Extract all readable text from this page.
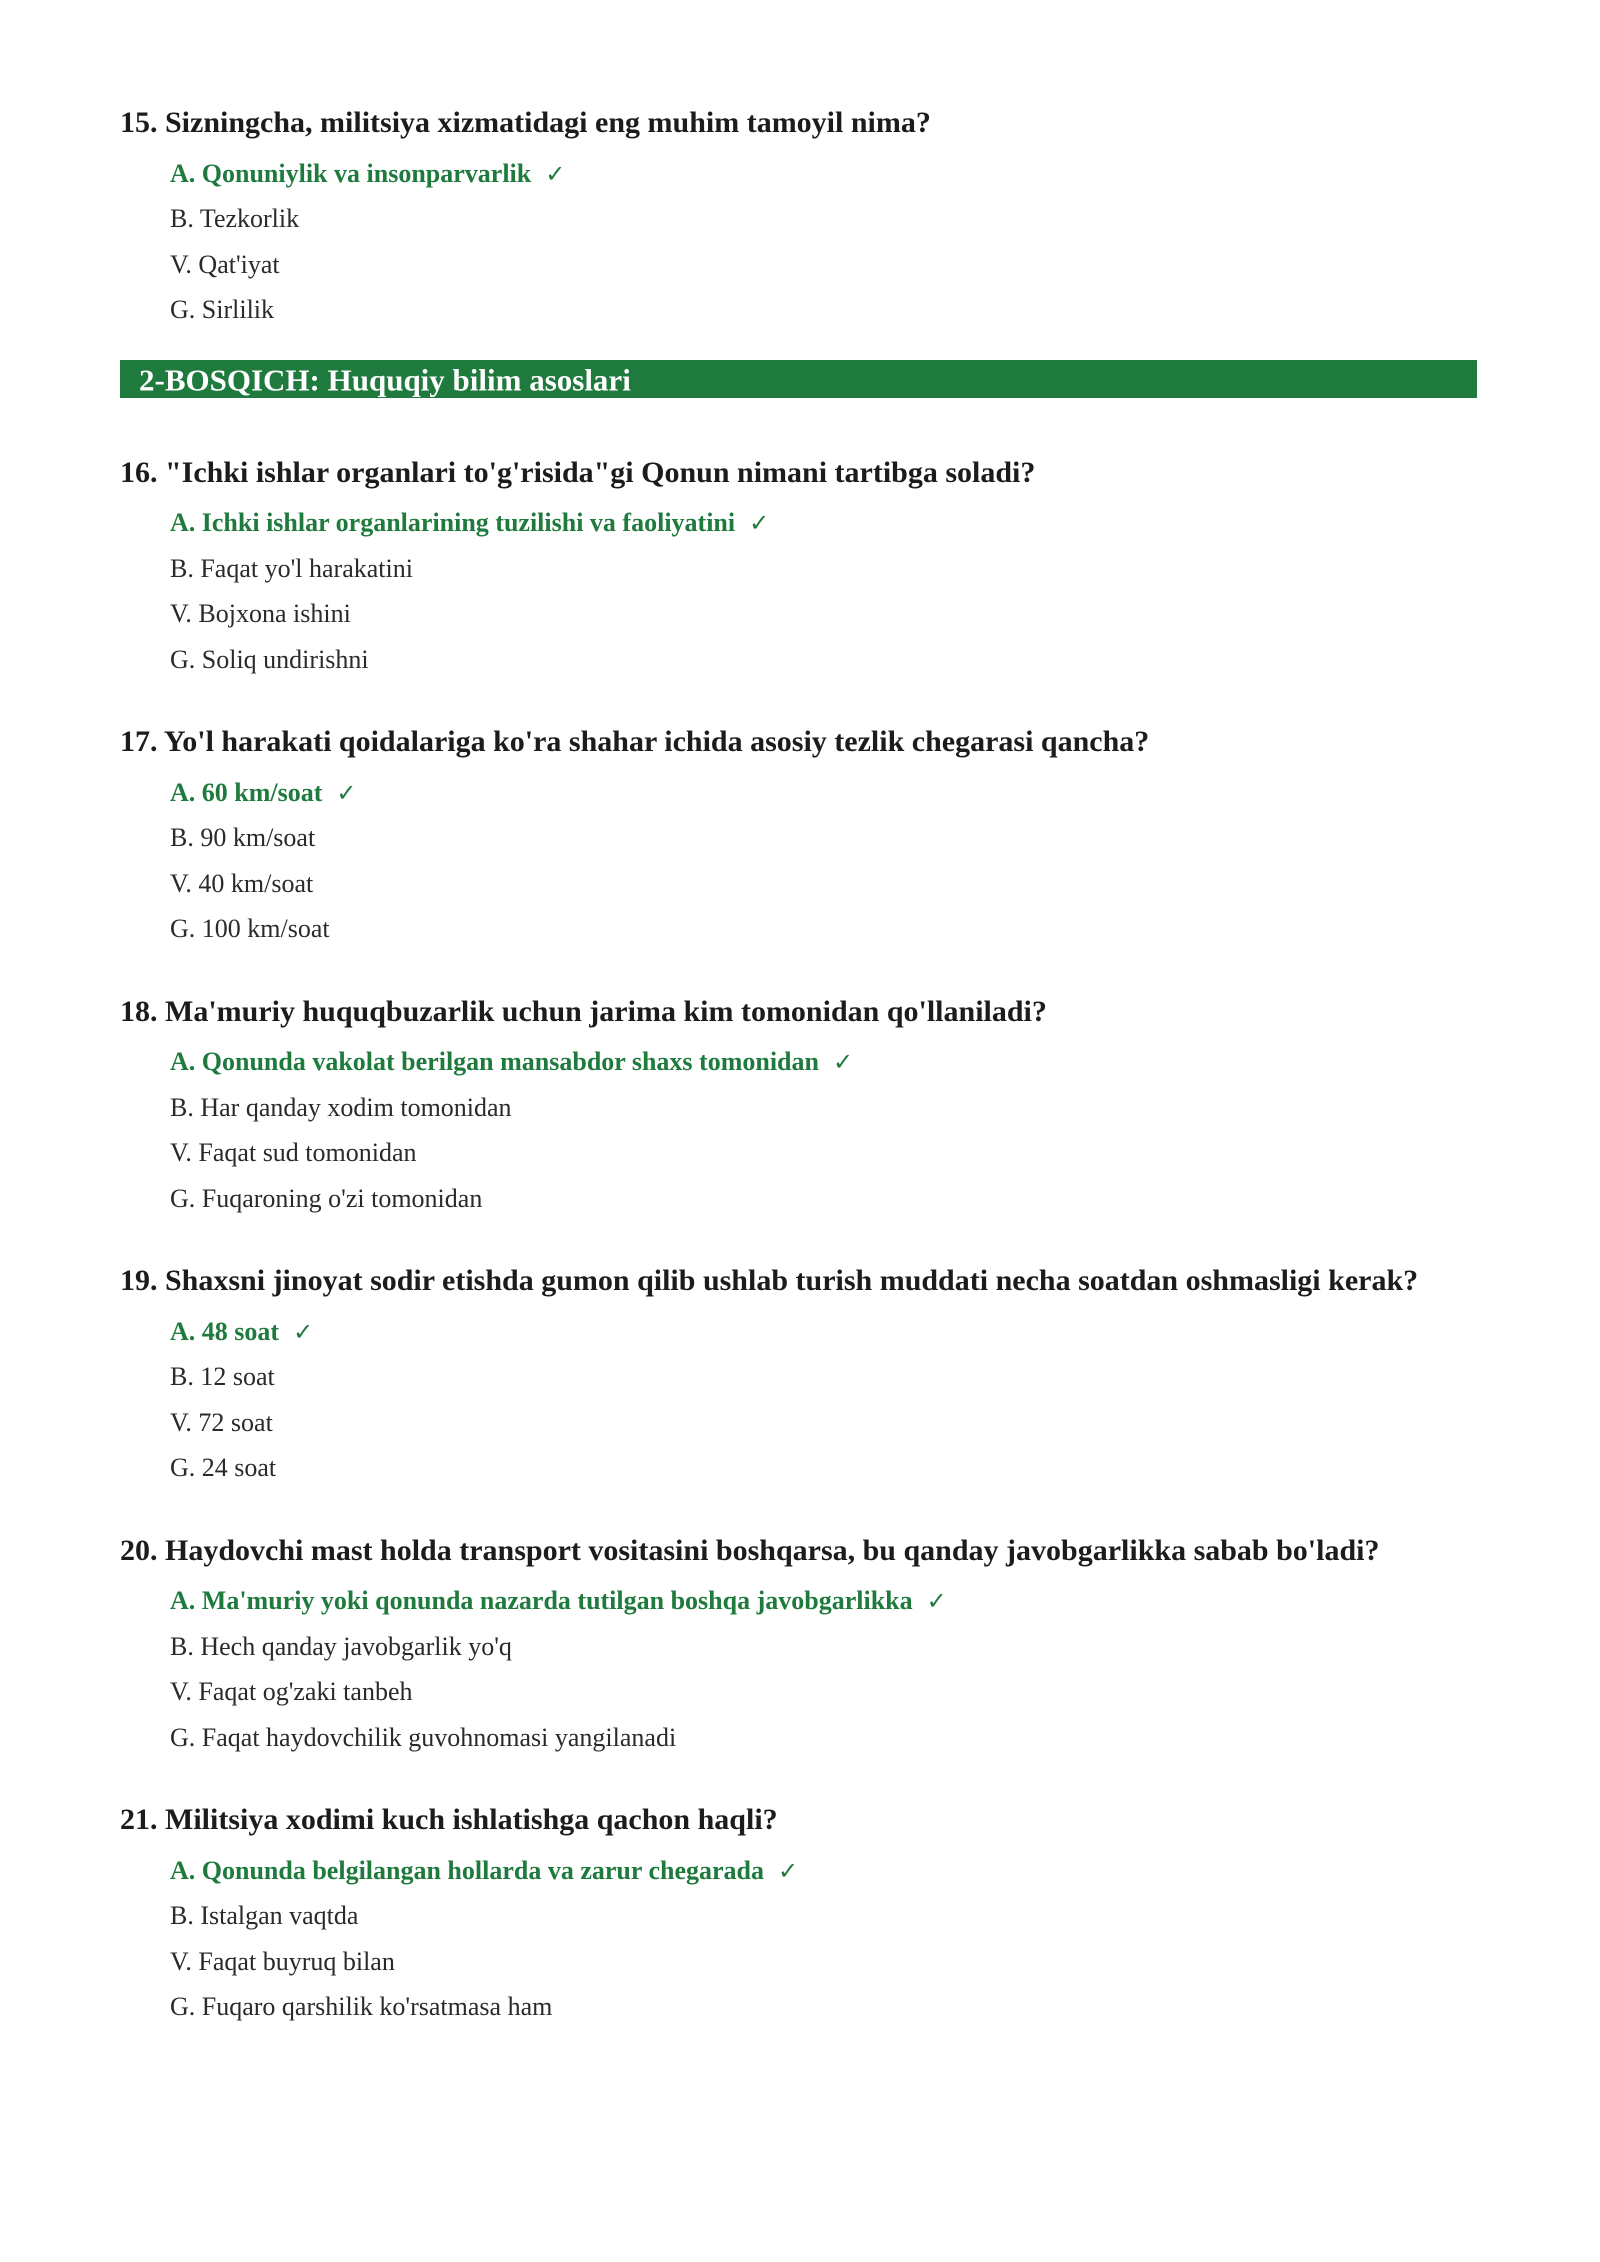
15. Sizningcha, militsiya xizmatidagi eng muhim tamoyil nima?
A. Qonuniylik va insonparvarlik ✓
B. Tezkorlik
V. Qat'iyat
G. Sirlilik
2-BOSQICH: Huquqiy bilim asoslari
16. "Ichki ishlar organlari to'g'risida"gi Qonun nimani tartibga soladi?
A. Ichki ishlar organlarining tuzilishi va faoliyatini ✓
B. Faqat yo'l harakatini
V. Bojxona ishini
G. Soliq undirishni
17. Yo'l harakati qoidalariga ko'ra shahar ichida asosiy tezlik chegarasi qancha?
A. 60 km/soat ✓
B. 90 km/soat
V. 40 km/soat
G. 100 km/soat
18. Ma'muriy huquqbuzarlik uchun jarima kim tomonidan qo'llaniladi?
A. Qonunda vakolat berilgan mansabdor shaxs tomonidan ✓
B. Har qanday xodim tomonidan
V. Faqat sud tomonidan
G. Fuqaroning o'zi tomonidan
19. Shaxsni jinoyat sodir etishda gumon qilib ushlab turish muddati necha soatdan oshmasligi kerak?
A. 48 soat ✓
B. 12 soat
V. 72 soat
G. 24 soat
20. Haydovchi mast holda transport vositasini boshqarsa, bu qanday javobgarlikka sabab bo'ladi?
A. Ma'muriy yoki qonunda nazarda tutilgan boshqa javobgarlikka ✓
B. Hech qanday javobgarlik yo'q
V. Faqat og'zaki tanbeh
G. Faqat haydovchilik guvohnomasi yangilanadi
21. Militsiya xodimi kuch ishlatishga qachon haqli?
A. Qonunda belgilangan hollarda va zarur chegarada ✓
B. Istalgan vaqtda
V. Faqat buyruq bilan
G. Fuqaro qarshilik ko'rsatmasa ham
